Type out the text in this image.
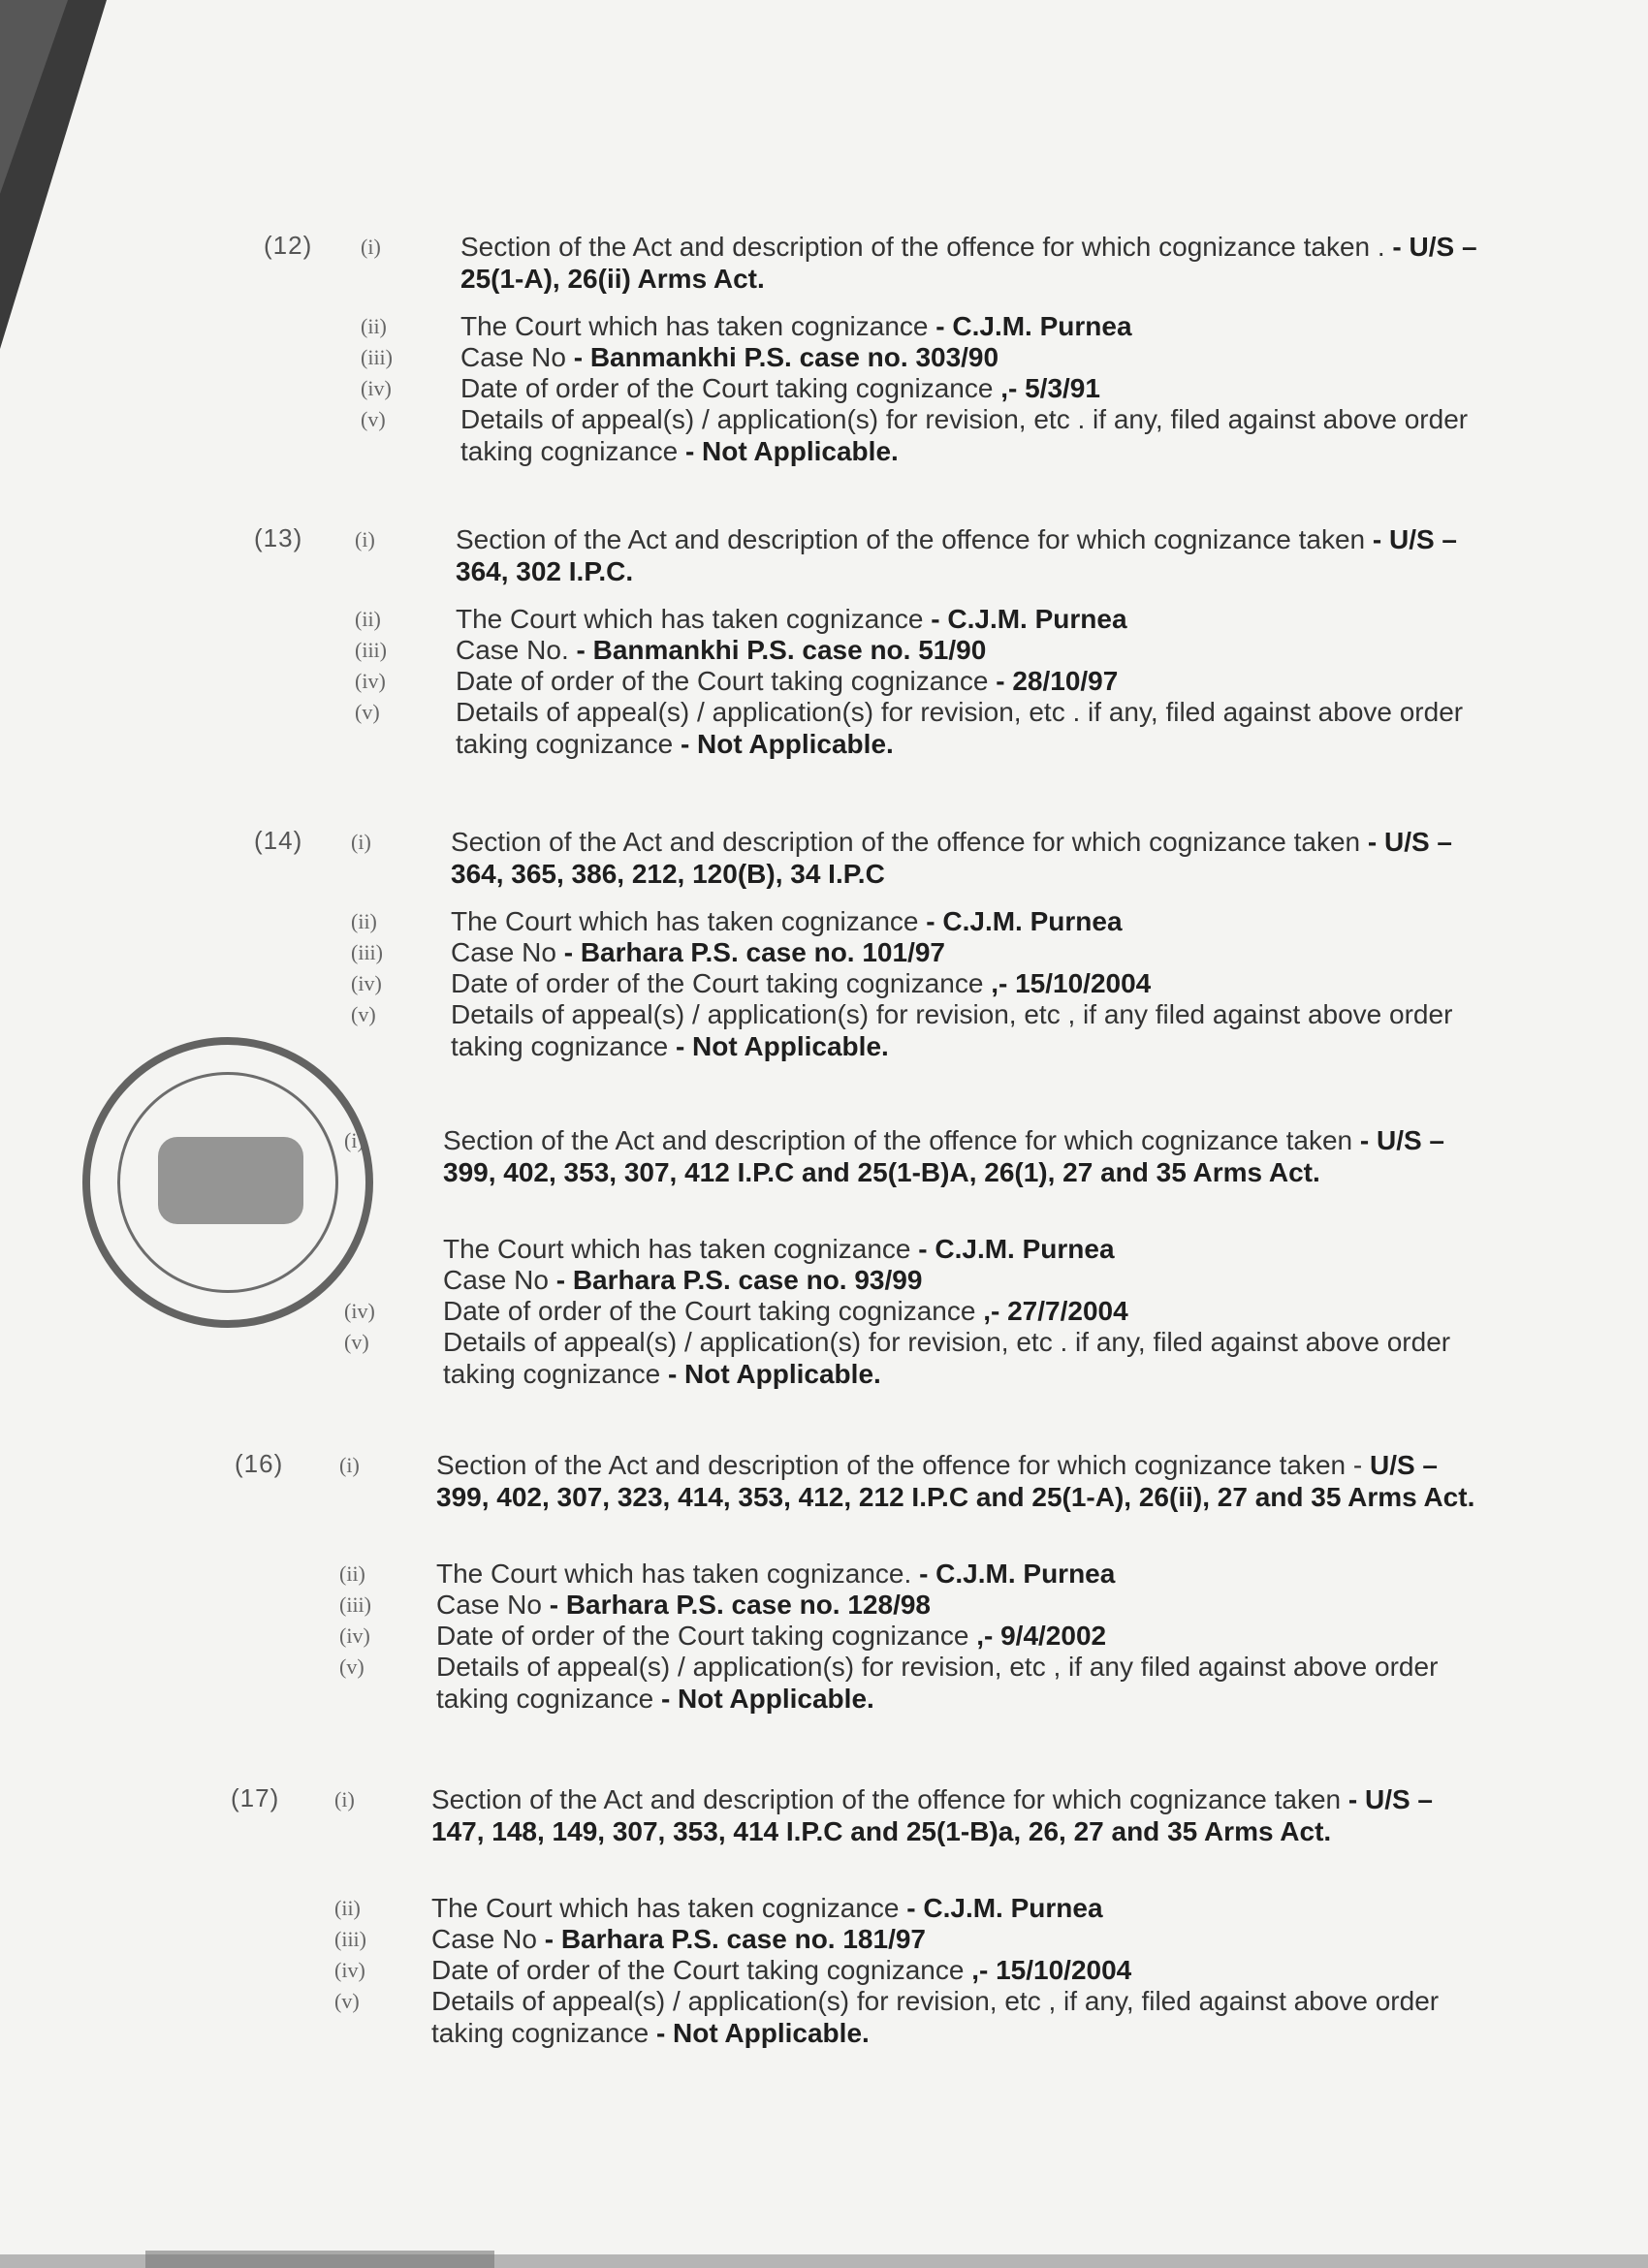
(12) (i)	Section of the Act and description of the offence for which cognizance taken . - U/S – 25(1-A), 26(ii) Arms Act.
(ii)	The Court which has taken cognizance - C.J.M. Purnea
(iii)	Case No - Banmankhi P.S. case no. 303/90
(iv)	Date of order of the Court taking cognizance ,- 5/3/91
(v)	Details of appeal(s) / application(s) for revision, etc . if any, filed against above order taking cognizance - Not Applicable.
(13) (i)	Section of the Act and description of the offence for which cognizance taken - U/S – 364, 302 I.P.C.
(ii)	The Court which has taken cognizance - C.J.M. Purnea
(iii)	Case No. - Banmankhi P.S. case no. 51/90
(iv)	Date of order of the Court taking cognizance - 28/10/97
(v)	Details of appeal(s) / application(s) for revision, etc . if any, filed against above order taking cognizance - Not Applicable.
(14) (i)	Section of the Act and description of the offence for which cognizance taken - U/S – 364, 365, 386, 212, 120(B), 34 I.P.C
(ii)	The Court which has taken cognizance - C.J.M. Purnea
(iii)	Case No - Barhara P.S. case no. 101/97
(iv)	Date of order of the Court taking cognizance ,- 15/10/2004
(v)	Details of appeal(s) / application(s) for revision, etc , if any filed against above order taking cognizance - Not Applicable.
(i)	Section of the Act and description of the offence for which cognizance taken - U/S – 399, 402, 353, 307, 412 I.P.C and 25(1-B)A, 26(1), 27 and 35 Arms Act.
The Court which has taken cognizance - C.J.M. Purnea
Case No - Barhara P.S. case no. 93/99
(iv)	Date of order of the Court taking cognizance ,- 27/7/2004
(v)	Details of appeal(s) / application(s) for revision, etc . if any, filed against above order taking cognizance - Not Applicable.
(16)	(i)	Section of the Act and description of the offence for which cognizance taken - U/S – 399, 402, 307, 323, 414, 353, 412, 212 I.P.C and 25(1-A), 26(ii), 27 and 35 Arms Act.
(ii)	The Court which has taken cognizance. - C.J.M. Purnea
(iii) Case No - Barhara P.S. case no. 128/98
(iv) Date of order of the Court taking cognizance ,- 9/4/2002
(v)	Details of appeal(s) / application(s) for revision, etc , if any filed against above order taking cognizance - Not Applicable.
(17)	(i)	Section of the Act and description of the offence for which cognizance taken - U/S – 147, 148, 149, 307, 353, 414 I.P.C and 25(1-B)a, 26, 27 and 35 Arms Act.
(ii)	The Court which has taken cognizance - C.J.M. Purnea
(iii) Case No - Barhara P.S. case no. 181/97
(iv) Date of order of the Court taking cognizance ,- 15/10/2004
(v)	Details of appeal(s) / application(s) for revision, etc , if any, filed against above order taking cognizance - Not Applicable.
